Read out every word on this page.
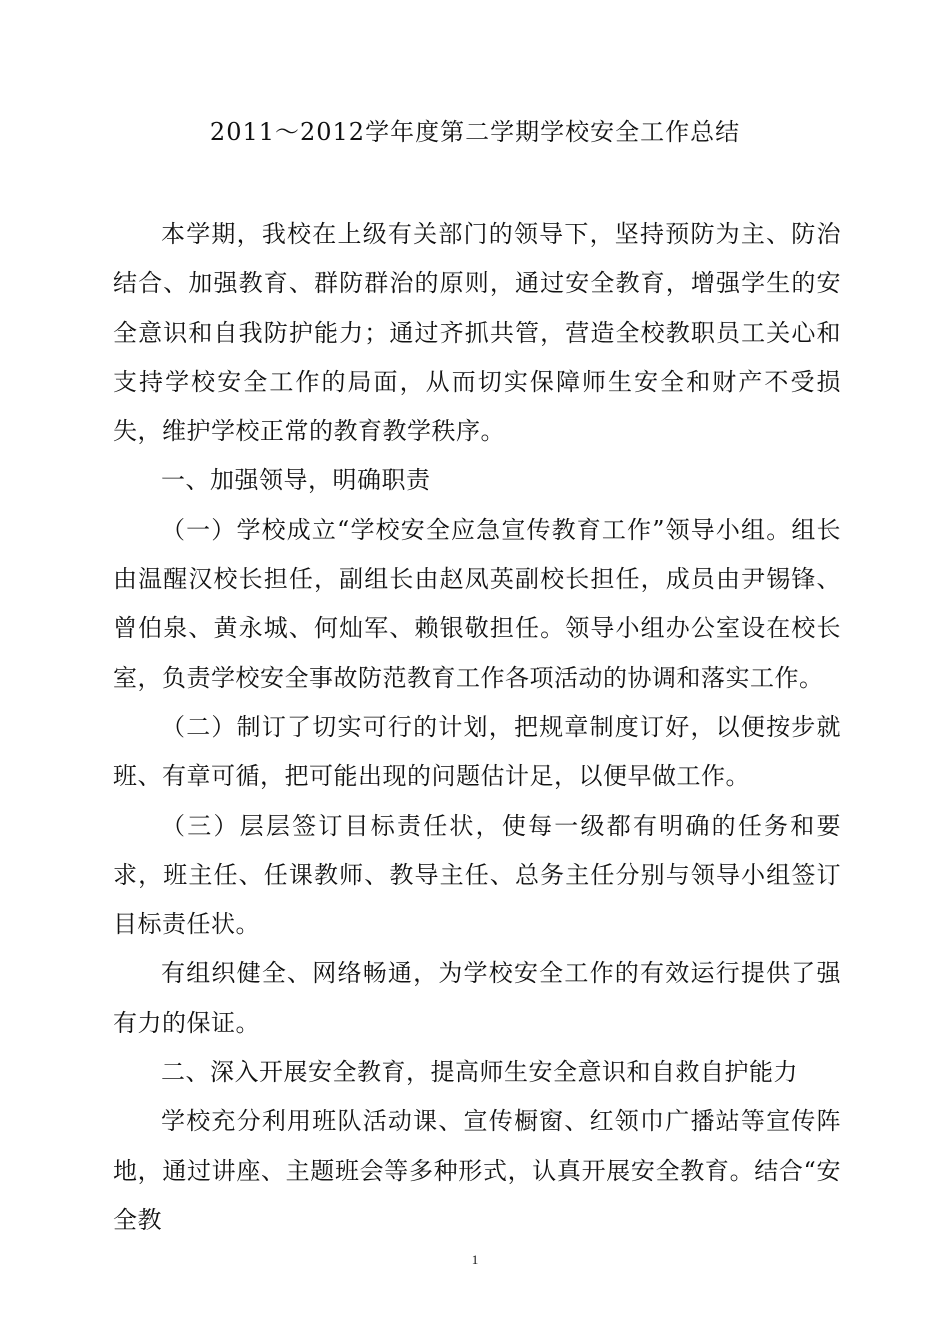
2011～2012学年度第二学期学校安全工作总结

本学期，我校在上级有关部门的领导下，坚持预防为主、防治结合、加强教育、群防群治的原则，通过安全教育，增强学生的安全意识和自我防护能力；通过齐抓共管，营造全校教职员工关心和支持学校安全工作的局面，从而切实保障师生安全和财产不受损失，维护学校正常的教育教学秩序。

一、加强领导，明确职责

（一）学校成立“学校安全应急宣传教育工作”领导小组。组长由温醒汉校长担任，副组长由赵凤英副校长担任，成员由尹锡锋、曾伯泉、黄永城、何灿军、赖银敬担任。领导小组办公室设在校长室，负责学校安全事故防范教育工作各项活动的协调和落实工作。

（二）制订了切实可行的计划，把规章制度订好，以便按步就班、有章可循，把可能出现的问题估计足，以便早做工作。

（三）层层签订目标责任状，使每一级都有明确的任务和要求，班主任、任课教师、教导主任、总务主任分别与领导小组签订目标责任状。

有组织健全、网络畅通，为学校安全工作的有效运行提供了强有力的保证。

二、深入开展安全教育，提高师生安全意识和自救自护能力

学校充分利用班队活动课、宣传橱窗、红领巾广播站等宣传阵地，通过讲座、主题班会等多种形式，认真开展安全教育。结合“安全教

1
